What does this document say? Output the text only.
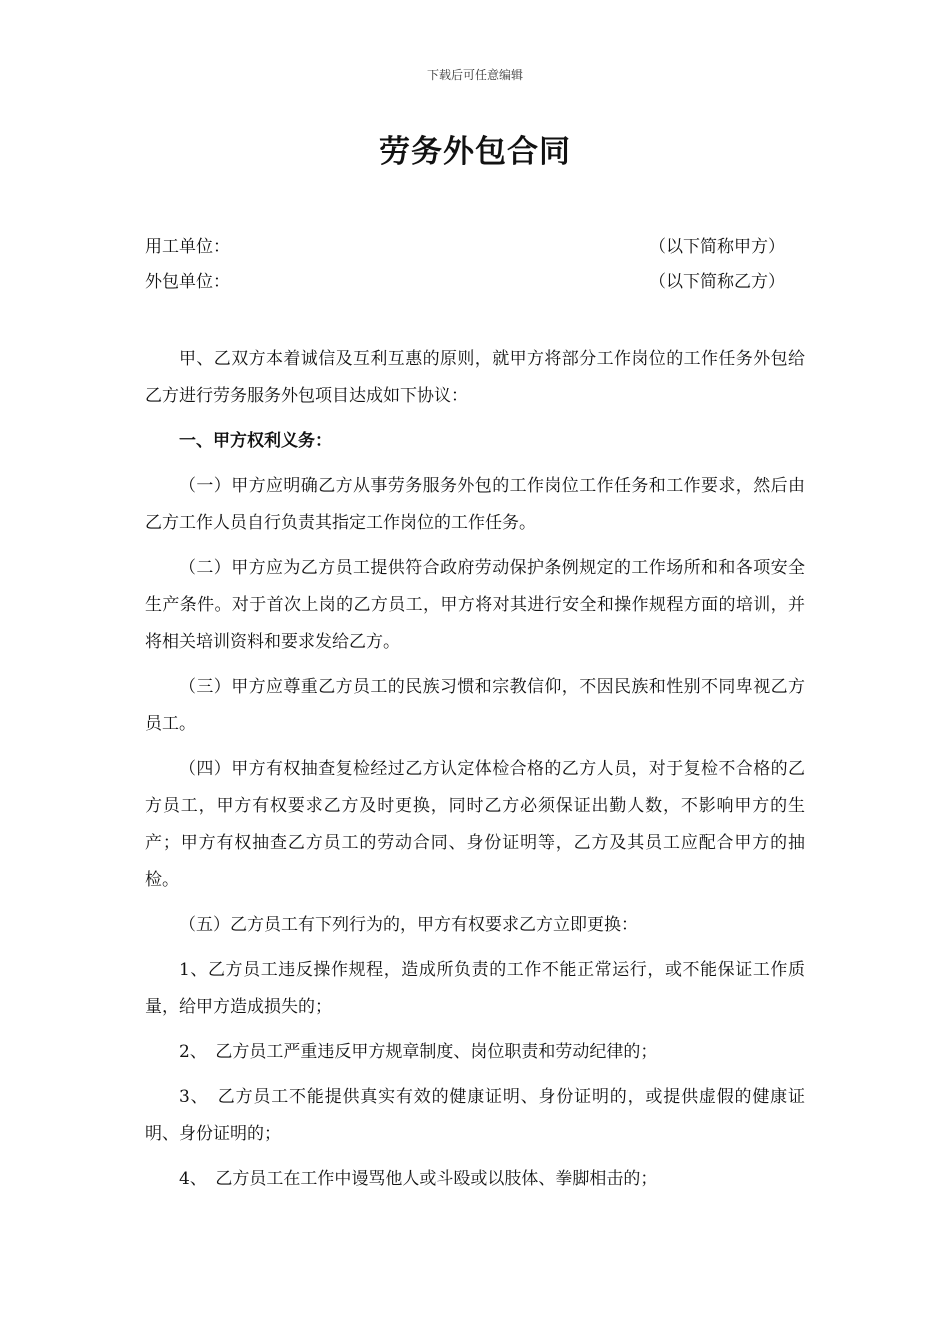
下载后可任意编辑
劳务外包合同
用工单位：	（以下简称甲方）
外包单位：	（以下简称乙方）

甲、乙双方本着诚信及互利互惠的原则，就甲方将部分工作岗位的工作任务外包给乙方进行劳务服务外包项目达成如下协议：

一、甲方权利义务：

（一）甲方应明确乙方从事劳务服务外包的工作岗位工作任务和工作要求，然后由乙方工作人员自行负责其指定工作岗位的工作任务。

（二）甲方应为乙方员工提供符合政府劳动保护条例规定的工作场所和和各项安全生产条件。对于首次上岗的乙方员工，甲方将对其进行安全和操作规程方面的培训，并将相关培训资料和要求发给乙方。

（三）甲方应尊重乙方员工的民族习惯和宗教信仰，不因民族和性别不同卑视乙方员工。

（四）甲方有权抽查复检经过乙方认定体检合格的乙方人员，对于复检不合格的乙方员工，甲方有权要求乙方及时更换，同时乙方必须保证出勤人数，不影响甲方的生产；甲方有权抽查乙方员工的劳动合同、身份证明等，乙方及其员工应配合甲方的抽检。

（五）乙方员工有下列行为的，甲方有权要求乙方立即更换：

1、乙方员工违反操作规程，造成所负责的工作不能正常运行，或不能保证工作质量，给甲方造成损失的；

2、　乙方员工严重违反甲方规章制度、岗位职责和劳动纪律的；

3、　乙方员工不能提供真实有效的健康证明、身份证明的，或提供虚假的健康证明、身份证明的；

4、　乙方员工在工作中谩骂他人或斗殴或以肢体、拳脚相击的；
